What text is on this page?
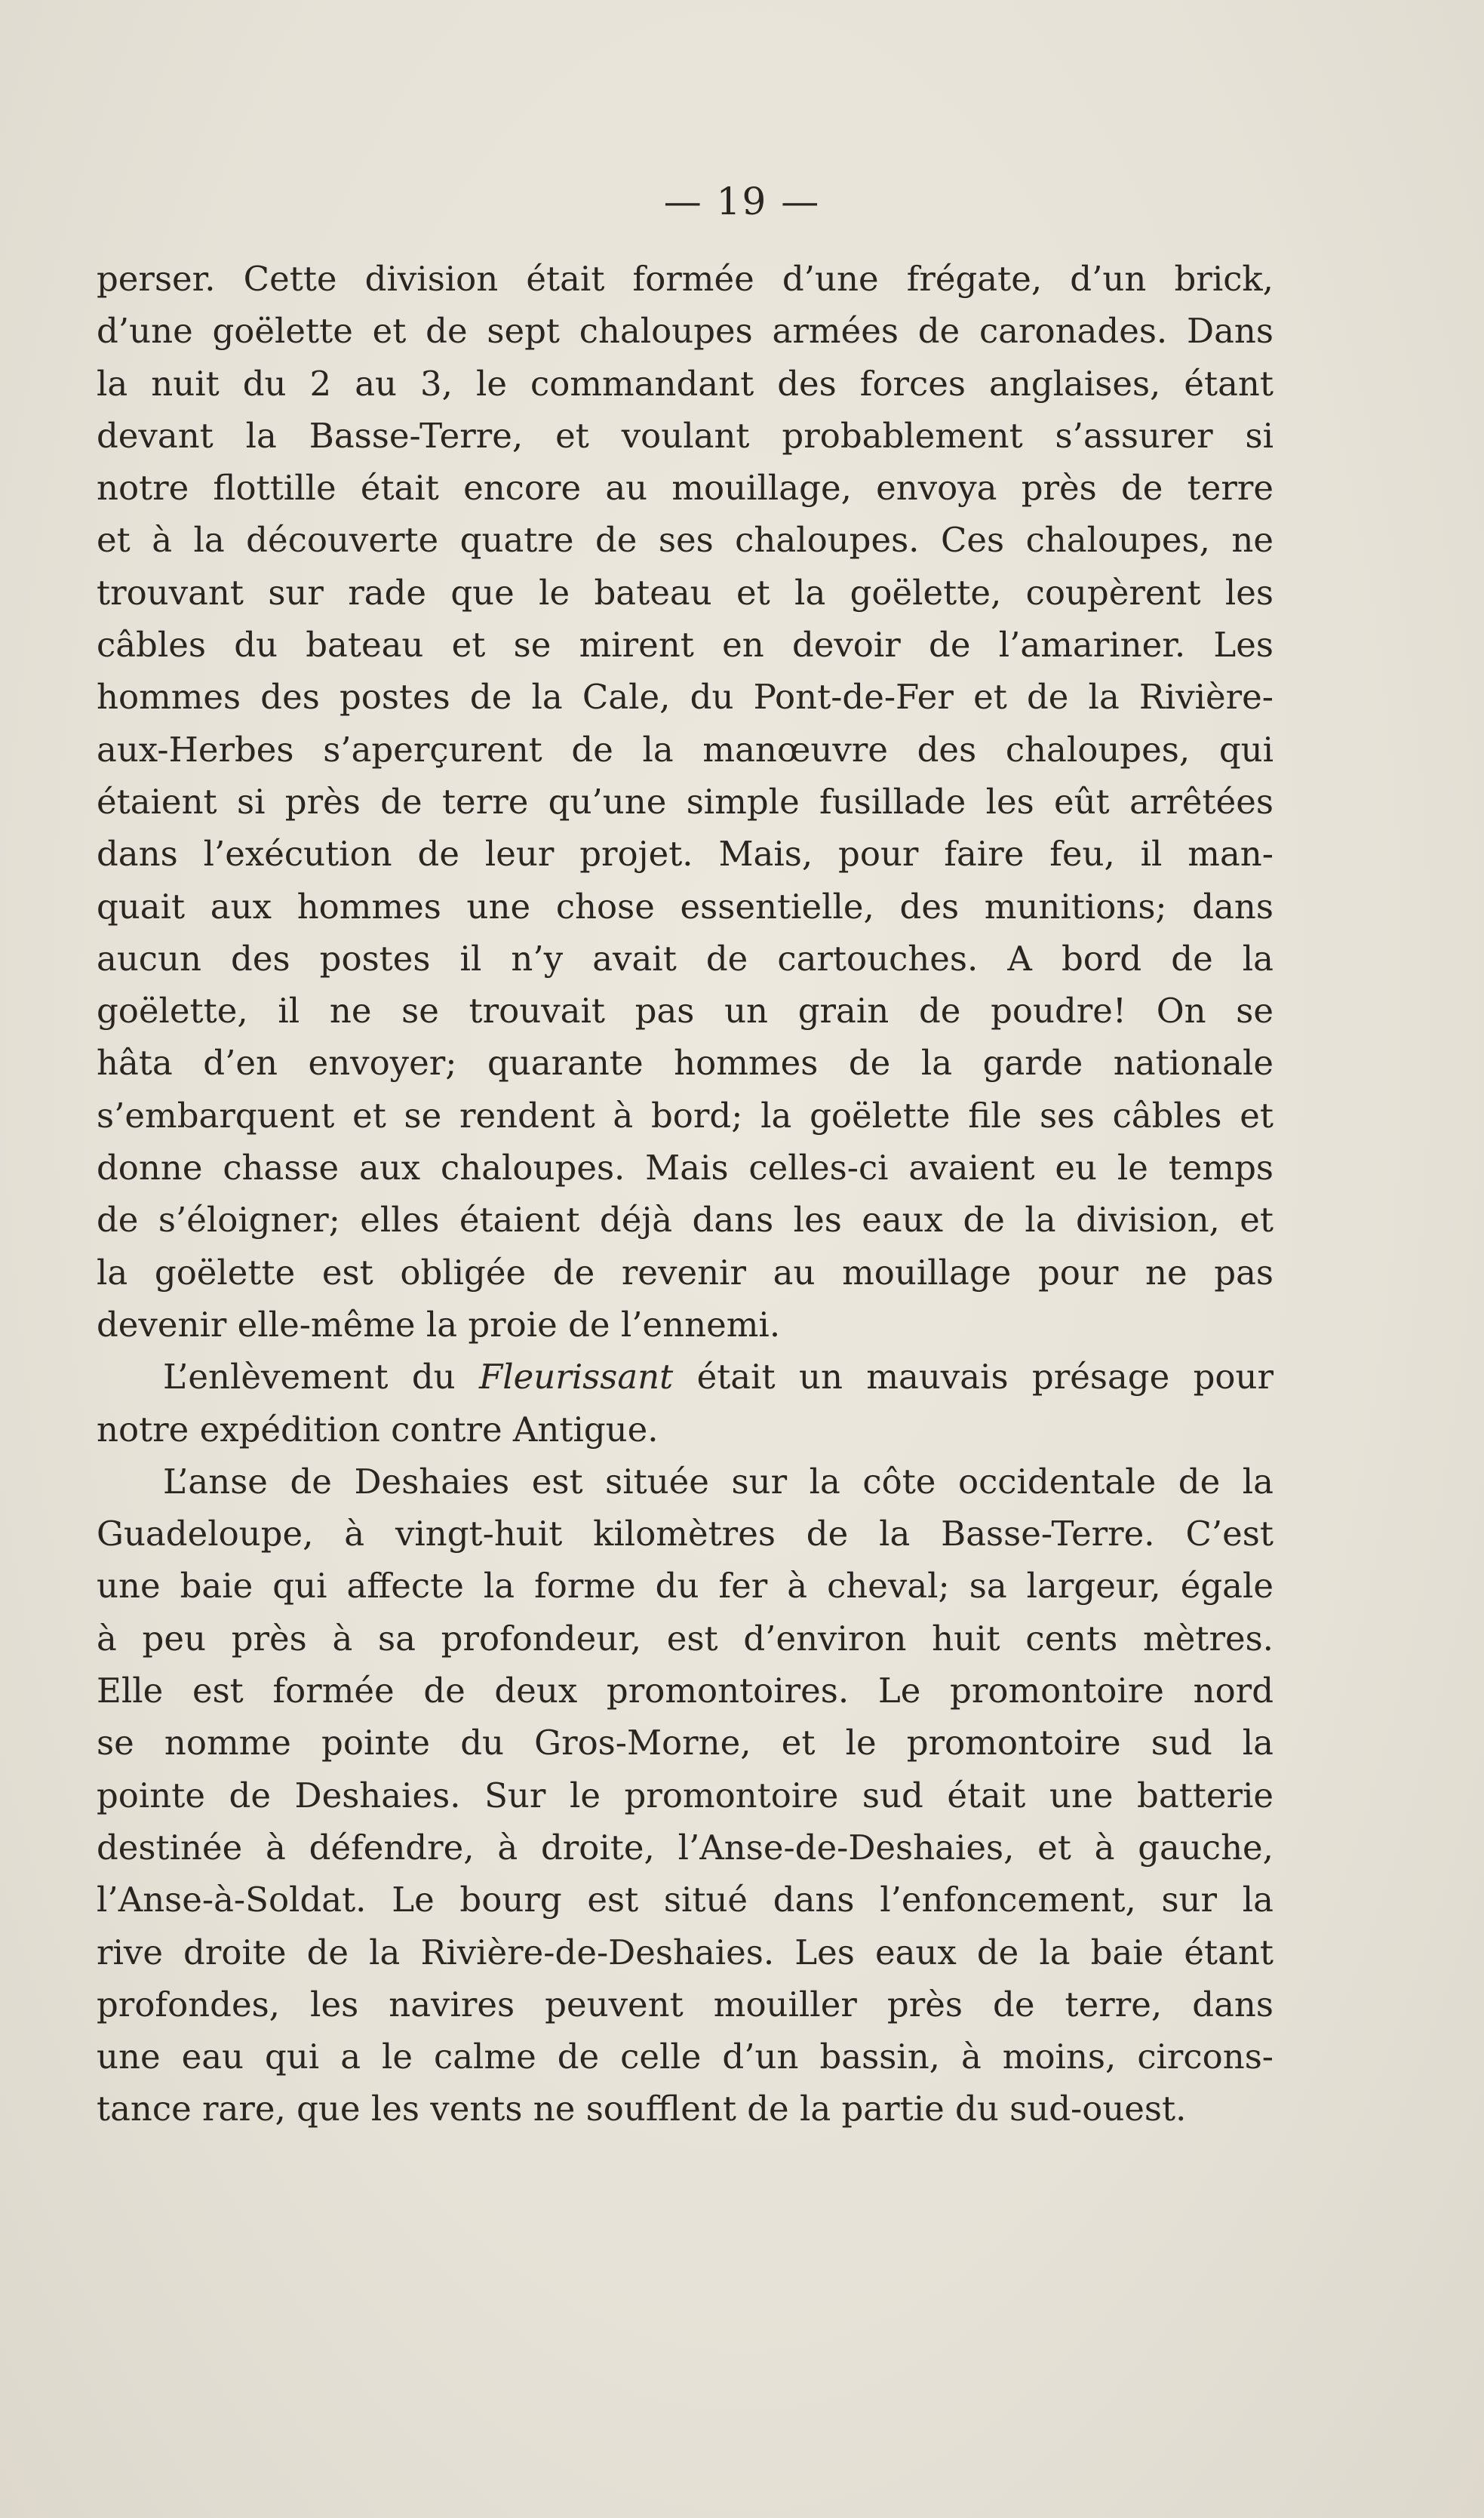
— 19 —
perser. Cette division était formée d’une frégate, d’un brick,
d’une goëlette et de sept chaloupes armées de caronades. Dans
la nuit du 2 au 3, le commandant des forces anglaises, étant
devant la Basse-Terre, et voulant probablement s’assurer si
notre flottille était encore au mouillage, envoya près de terre
et à la découverte quatre de ses chaloupes. Ces chaloupes, ne
trouvant sur rade que le bateau et la goëlette, coupèrent les
câbles du bateau et se mirent en devoir de l’amariner. Les
hommes des postes de la Cale, du Pont-de-Fer et de la Rivière-
aux-Herbes s’aperçurent de la manœuvre des chaloupes, qui
étaient si près de terre qu’une simple fusillade les eût arrêtées
dans l’exécution de leur projet. Mais, pour faire feu, il man-
quait aux hommes une chose essentielle, des munitions; dans
aucun des postes il n’y avait de cartouches. A bord de la
goëlette, il ne se trouvait pas un grain de poudre! On se
hâta d’en envoyer; quarante hommes de la garde nationale
s’embarquent et se rendent à bord; la goëlette file ses câbles et
donne chasse aux chaloupes. Mais celles-ci avaient eu le temps
de s’éloigner; elles étaient déjà dans les eaux de la division, et
la goëlette est obligée de revenir au mouillage pour ne pas
devenir elle-même la proie de l’ennemi.
L’enlèvement du Fleurissant était un mauvais présage pour
notre expédition contre Antigue.
L’anse de Deshaies est située sur la côte occidentale de la
Guadeloupe, à vingt-huit kilomètres de la Basse-Terre. C’est
une baie qui affecte la forme du fer à cheval; sa largeur, égale
à peu près à sa profondeur, est d’environ huit cents mètres.
Elle est formée de deux promontoires. Le promontoire nord
se nomme pointe du Gros-Morne, et le promontoire sud la
pointe de Deshaies. Sur le promontoire sud était une batterie
destinée à défendre, à droite, l’Anse-de-Deshaies, et à gauche,
l’Anse-à-Soldat. Le bourg est situé dans l’enfoncement, sur la
rive droite de la Rivière-de-Deshaies. Les eaux de la baie étant
profondes, les navires peuvent mouiller près de terre, dans
une eau qui a le calme de celle d’un bassin, à moins, circons-
tance rare, que les vents ne soufflent de la partie du sud-ouest.
